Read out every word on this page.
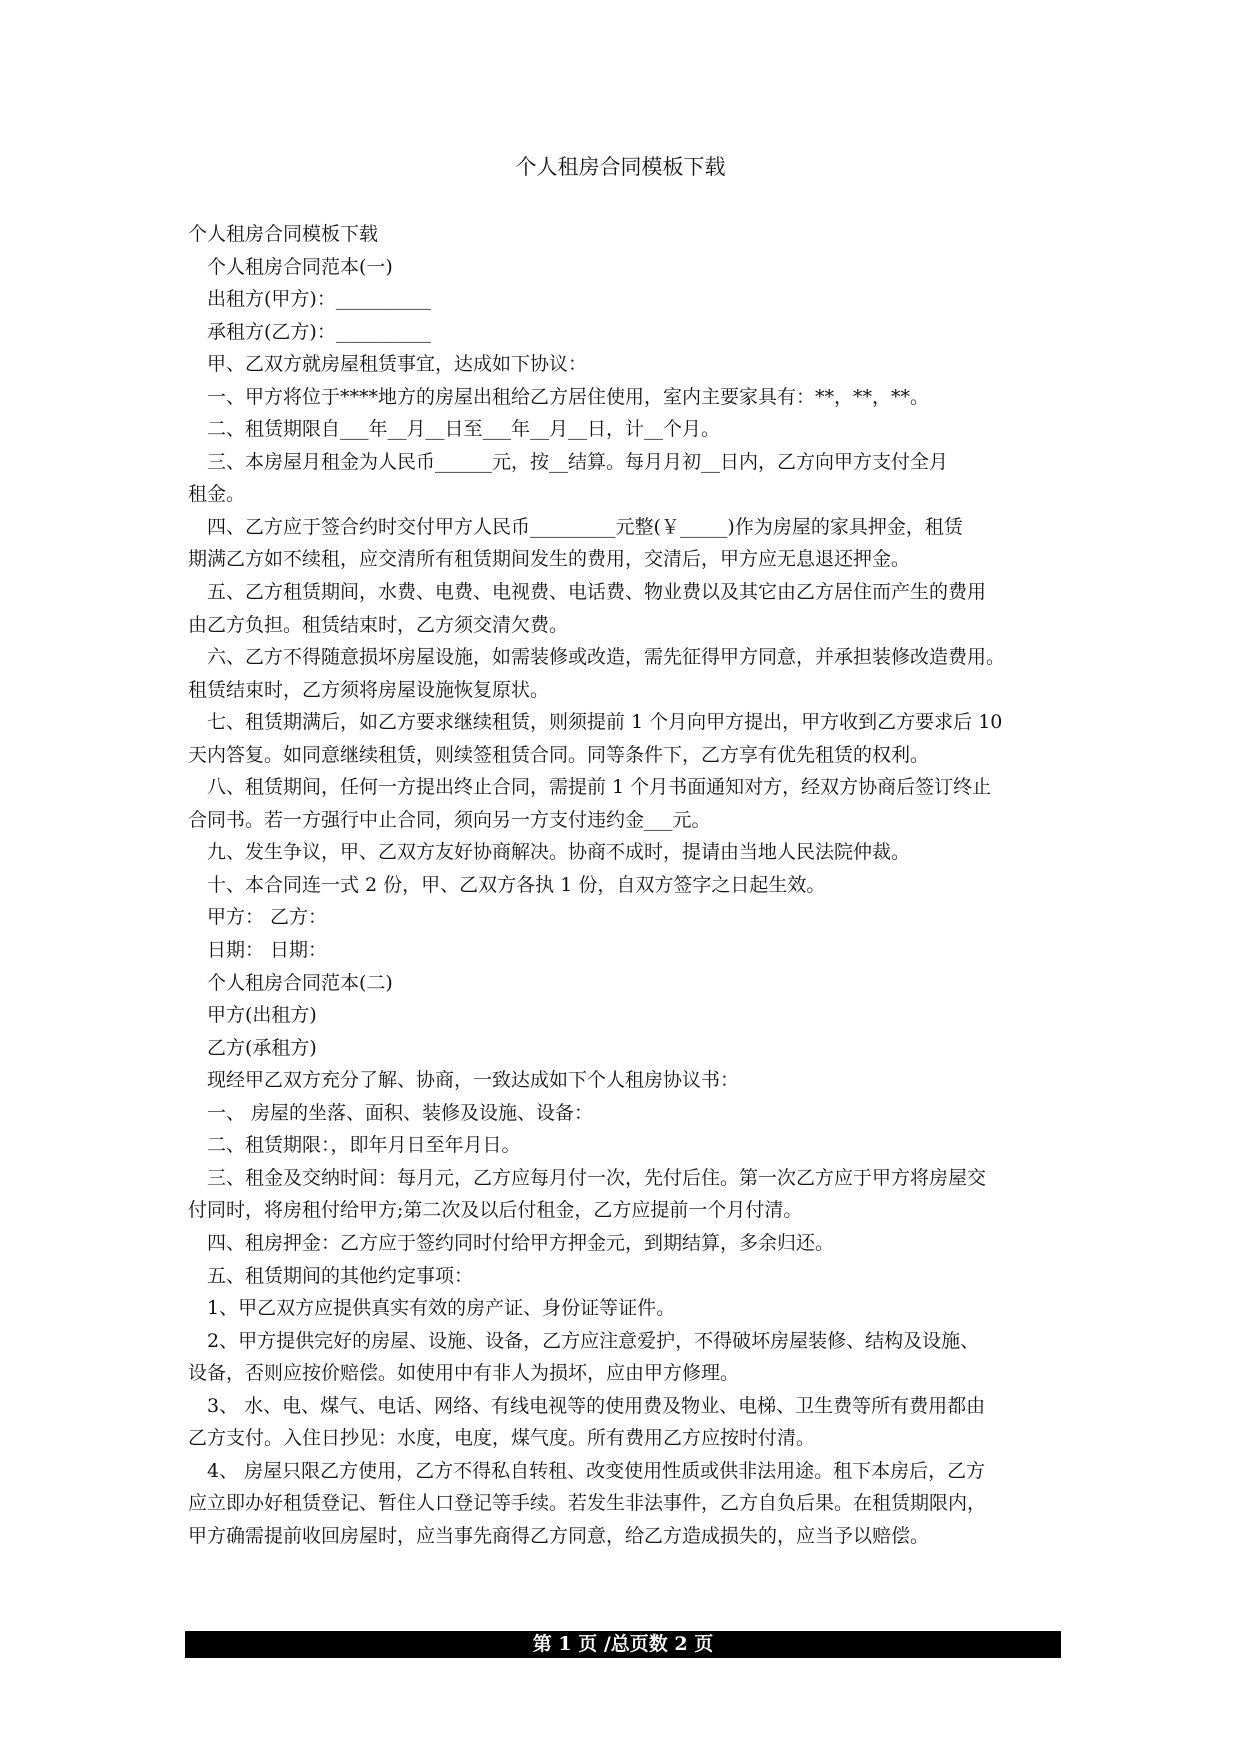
个人租房合同模板下载
个人租房合同模板下载
个人租房合同范本(一)
出租方(甲方)：__________
承租方(乙方)：__________
甲、乙双方就房屋租赁事宜，达成如下协议：
一、甲方将位于****地方的房屋出租给乙方居住使用，室内主要家具有：**，**，**。
二、租赁期限自___年__月__日至___年__月__日，计__个月。
三、本房屋月租金为人民币______元，按__结算。每月月初__日内，乙方向甲方支付全月
租金。
四、乙方应于签合约时交付甲方人民币_________元整(￥_____)作为房屋的家具押金，租赁
期满乙方如不续租，应交清所有租赁期间发生的费用，交清后，甲方应无息退还押金。
五、乙方租赁期间，水费、电费、电视费、电话费、物业费以及其它由乙方居住而产生的费用
由乙方负担。租赁结束时，乙方须交清欠费。
六、乙方不得随意损坏房屋设施，如需装修或改造，需先征得甲方同意，并承担装修改造费用。
租赁结束时，乙方须将房屋设施恢复原状。
七、租赁期满后，如乙方要求继续租赁，则须提前 1 个月向甲方提出，甲方收到乙方要求后 10
天内答复。如同意继续租赁，则续签租赁合同。同等条件下，乙方享有优先租赁的权利。
八、租赁期间，任何一方提出终止合同，需提前 1 个月书面通知对方，经双方协商后签订终止
合同书。若一方强行中止合同，须向另一方支付违约金___元。
九、发生争议，甲、乙双方友好协商解决。协商不成时，提请由当地人民法院仲裁。
十、本合同连一式 2 份，甲、乙双方各执 1 份，自双方签字之日起生效。
甲方： 乙方：
日期： 日期：
个人租房合同范本(二)
甲方(出租方)
乙方(承租方)
现经甲乙双方充分了解、协商，一致达成如下个人租房协议书：
一、 房屋的坐落、面积、装修及设施、设备：
二、租赁期限：，即年月日至年月日。
三、租金及交纳时间：每月元，乙方应每月付一次，先付后住。第一次乙方应于甲方将房屋交
付同时，将房租付给甲方;第二次及以后付租金，乙方应提前一个月付清。
四、租房押金：乙方应于签约同时付给甲方押金元，到期结算，多余归还。
五、租赁期间的其他约定事项：
1、甲乙双方应提供真实有效的房产证、身份证等证件。
2、甲方提供完好的房屋、设施、设备，乙方应注意爱护，不得破坏房屋装修、结构及设施、
设备，否则应按价赔偿。如使用中有非人为损坏，应由甲方修理。
3、 水、电、煤气、电话、网络、有线电视等的使用费及物业、电梯、卫生费等所有费用都由
乙方支付。入住日抄见：水度，电度，煤气度。所有费用乙方应按时付清。
4、 房屋只限乙方使用，乙方不得私自转租、改变使用性质或供非法用途。租下本房后，乙方
应立即办好租赁登记、暂住人口登记等手续。若发生非法事件，乙方自负后果。在租赁期限内，
甲方确需提前收回房屋时，应当事先商得乙方同意，给乙方造成损失的，应当予以赔偿。
第 1 页 /总页数 2 页
